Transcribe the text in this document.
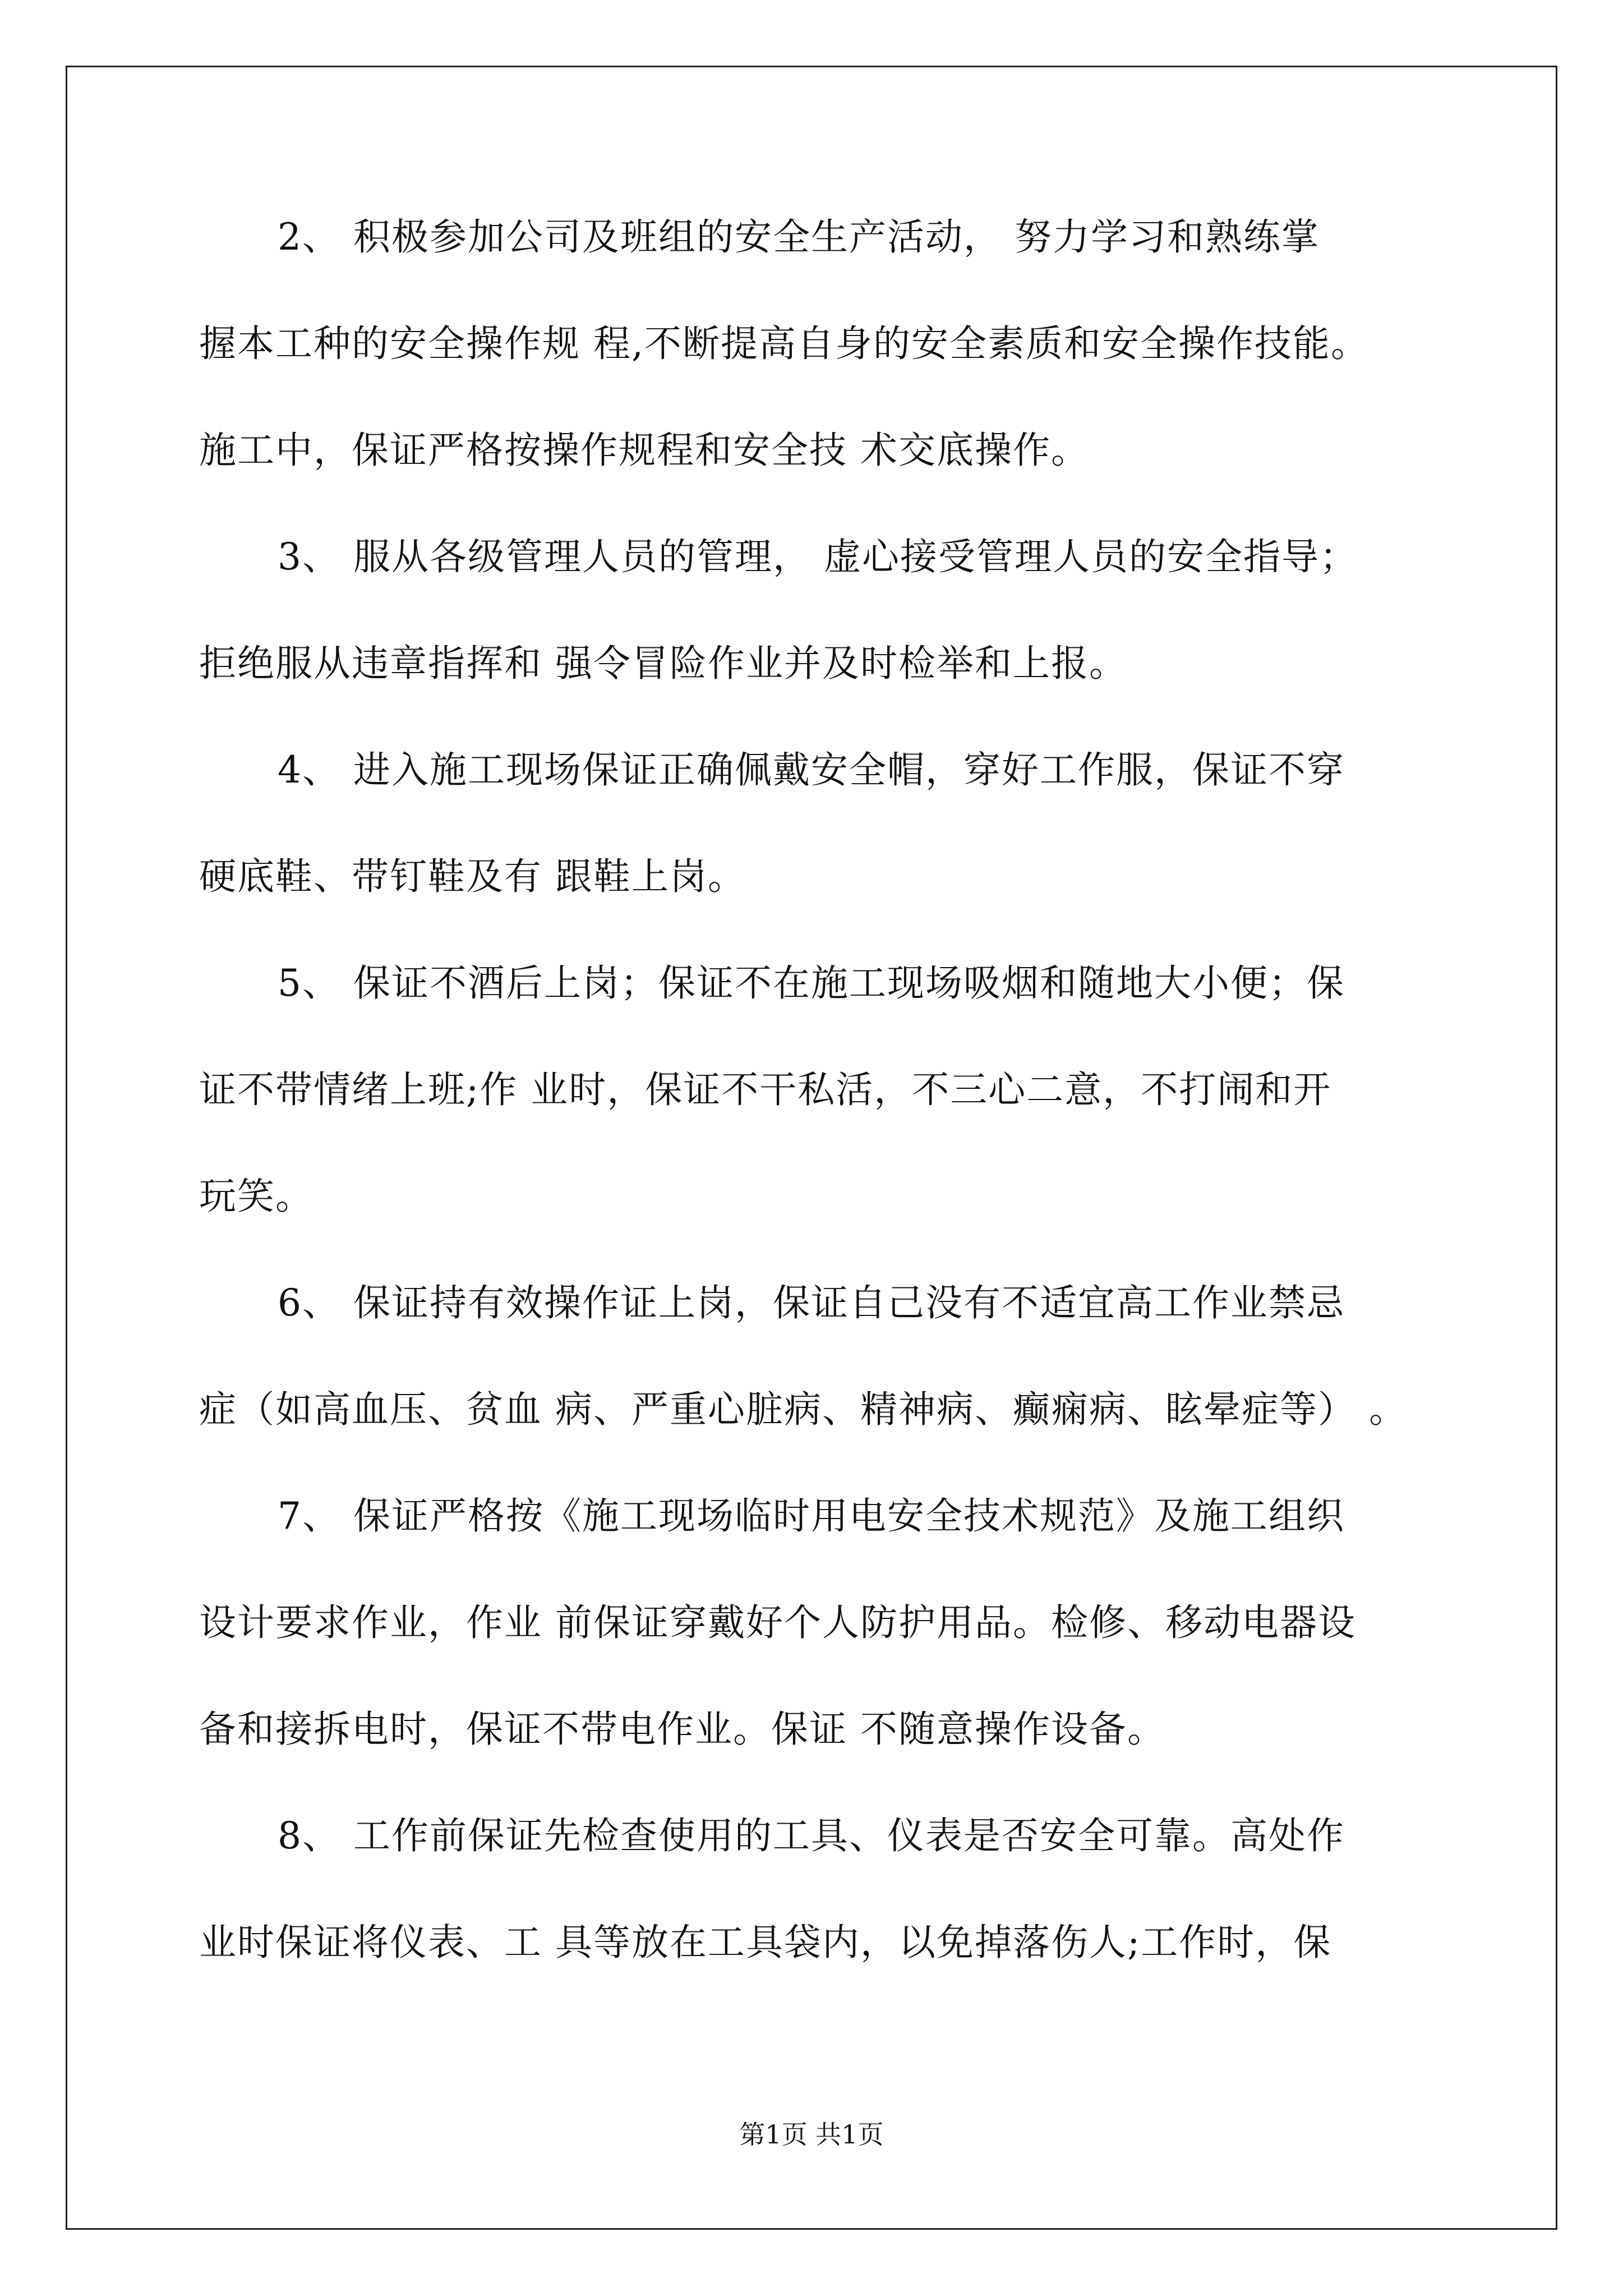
2、 积极参加公司及班组的安全生产活动， 努力学习和熟练掌
握本工种的安全操作规 程,不断提高自身的安全素质和安全操作技能。
施工中，保证严格按操作规程和安全技 术交底操作。
3、 服从各级管理人员的管理， 虚心接受管理人员的安全指导；
拒绝服从违章指挥和 强令冒险作业并及时检举和上报。
4、 进入施工现场保证正确佩戴安全帽，穿好工作服，保证不穿
硬底鞋、带钉鞋及有 跟鞋上岗。
5、 保证不酒后上岗；保证不在施工现场吸烟和随地大小便；保
证不带情绪上班;作 业时，保证不干私活，不三心二意，不打闹和开
玩笑。
6、 保证持有效操作证上岗，保证自己没有不适宜高工作业禁忌
症（如高血压、贫血 病、严重心脏病、精神病、癫痫病、眩晕症等） 。
7、 保证严格按《施工现场临时用电安全技术规范》及施工组织
设计要求作业，作业 前保证穿戴好个人防护用品。检修、移动电器设
备和接拆电时，保证不带电作业。保证 不随意操作设备。
8、 工作前保证先检查使用的工具、仪表是否安全可靠。高处作
业时保证将仪表、工 具等放在工具袋内，以免掉落伤人;工作时，保
第1页 共1页
